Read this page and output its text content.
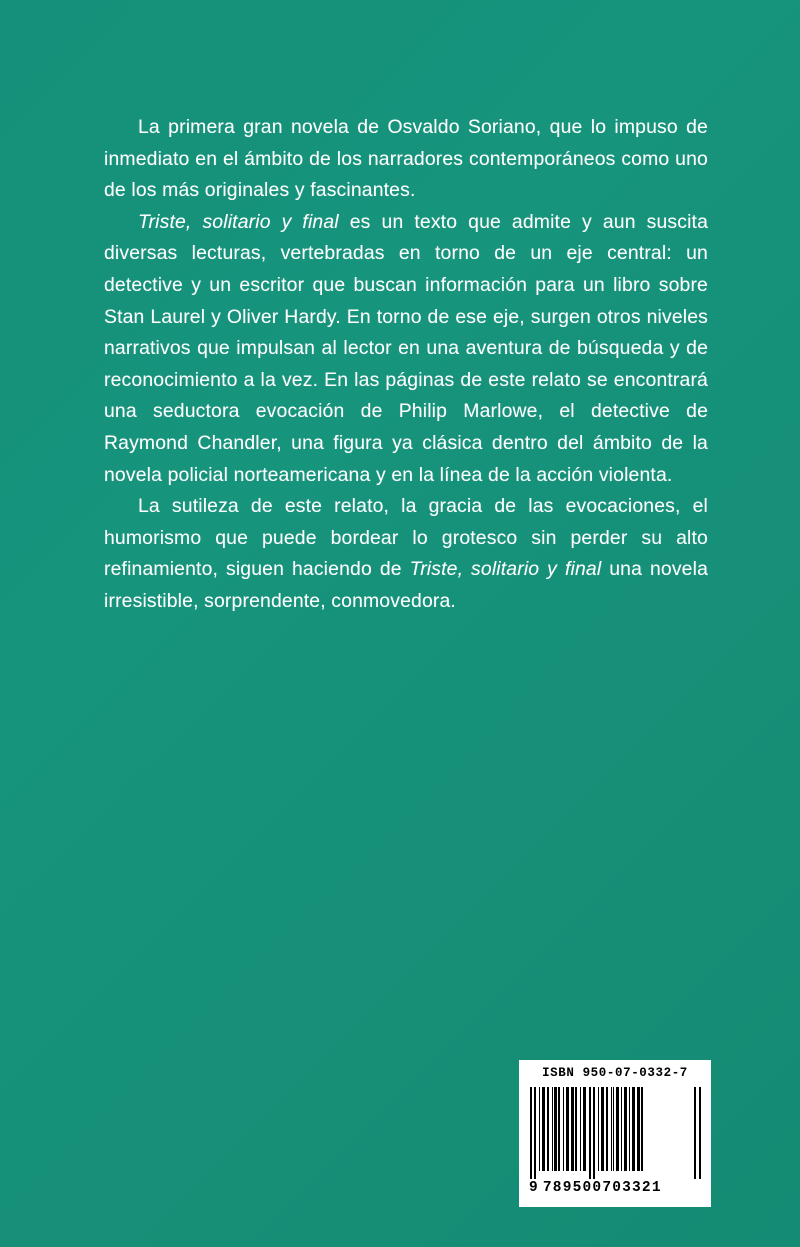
La primera gran novela de Osvaldo Soriano, que lo impuso de inmediato en el ámbito de los narradores contemporáneos como uno de los más originales y fascinantes.

Triste, solitario y final es un texto que admite y aun suscita diversas lecturas, vertebradas en torno de un eje central: un detective y un escritor que buscan información para un libro sobre Stan Laurel y Oliver Hardy. En torno de ese eje, surgen otros niveles narrativos que impulsan al lector en una aventura de búsqueda y de reconocimiento a la vez. En las páginas de este relato se encontrará una seductora evocación de Philip Marlowe, el detective de Raymond Chandler, una figura ya clásica dentro del ámbito de la novela policial norteamericana y en la línea de la acción violenta.

La sutileza de este relato, la gracia de las evocaciones, el humorismo que puede bordear lo grotesco sin perder su alto refinamiento, siguen haciendo de Triste, solitario y final una novela irresistible, sorprendente, conmovedora.

ISBN 950-07-0332-7
9 789500703321
